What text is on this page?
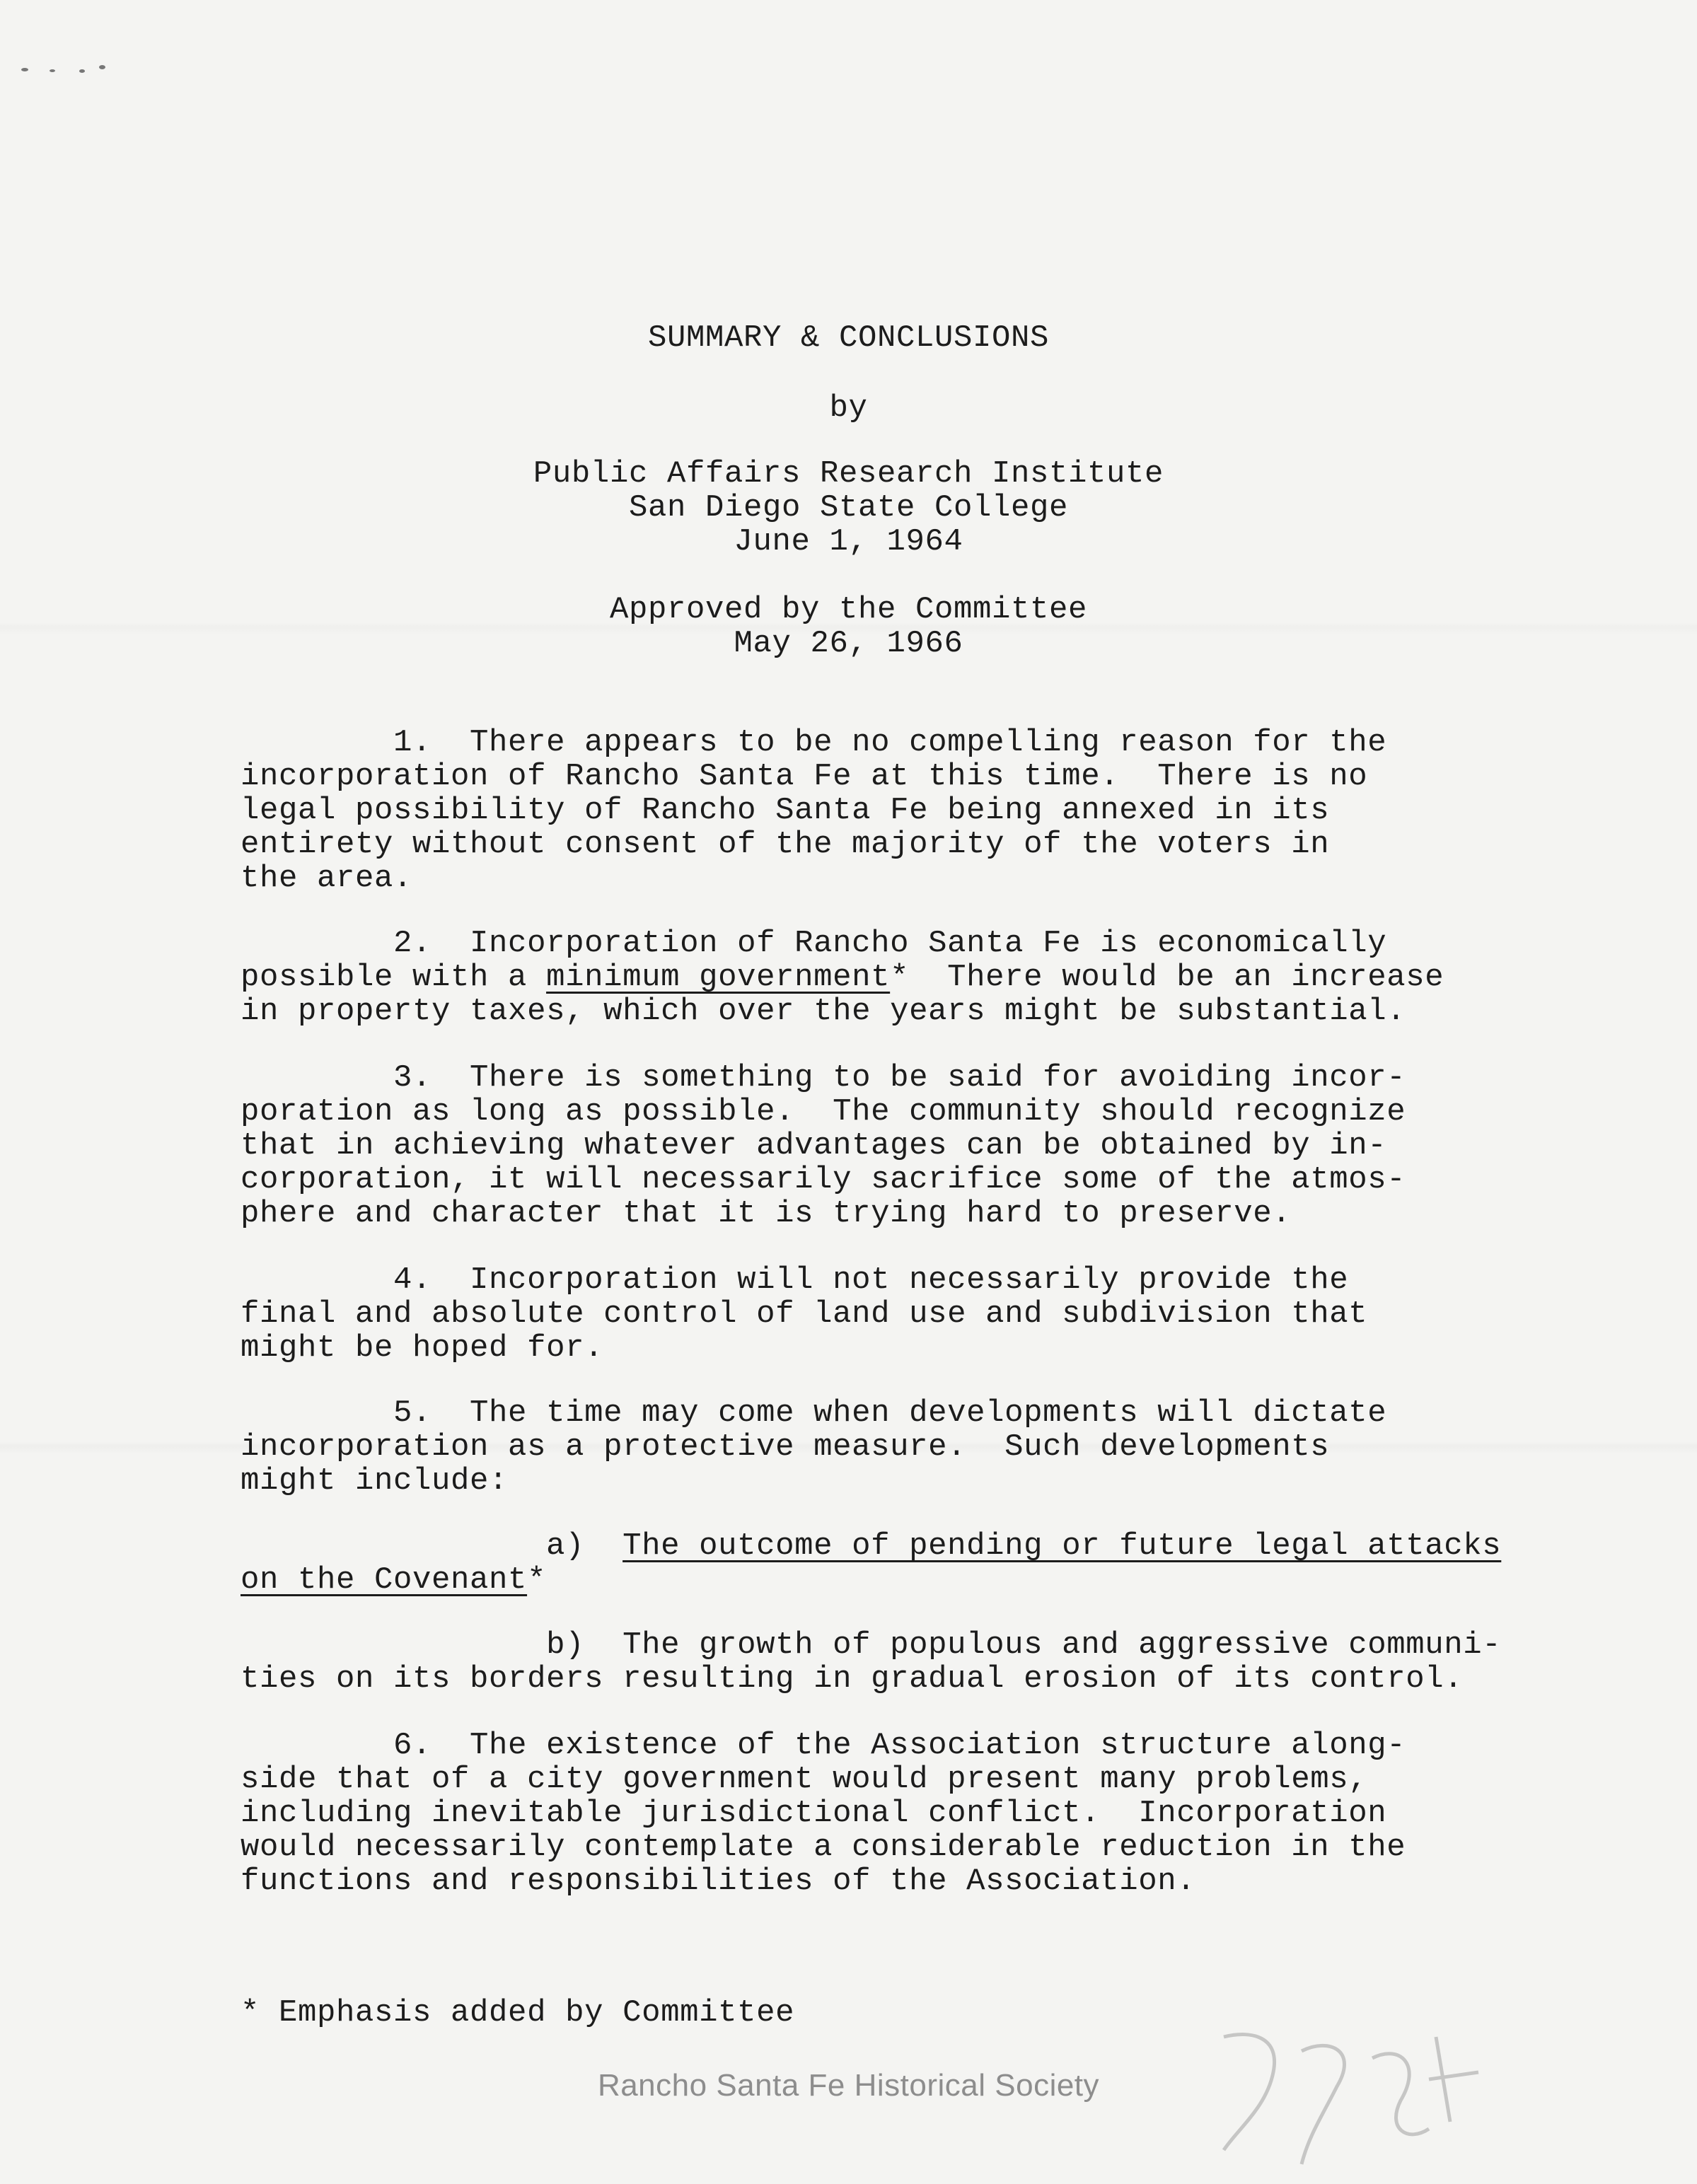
SUMMARY & CONCLUSIONS
by
Public Affairs Research Institute
San Diego State College
June 1, 1964
Approved by the Committee
May 26, 1966
1.  There appears to be no compelling reason for the
incorporation of Rancho Santa Fe at this time.  There is no
legal possibility of Rancho Santa Fe being annexed in its
entirety without consent of the majority of the voters in
the area.
2.  Incorporation of Rancho Santa Fe is economically
possible with a minimum government*  There would be an increase
in property taxes, which over the years might be substantial.
3.  There is something to be said for avoiding incor-
poration as long as possible.  The community should recognize
that in achieving whatever advantages can be obtained by in-
corporation, it will necessarily sacrifice some of the atmos-
phere and character that it is trying hard to preserve.
4.  Incorporation will not necessarily provide the
final and absolute control of land use and subdivision that
might be hoped for.
5.  The time may come when developments will dictate
incorporation as a protective measure.  Such developments
might include:
a)  The outcome of pending or future legal attacks
on the Covenant*
b)  The growth of populous and aggressive communi-
ties on its borders resulting in gradual erosion of its control.
6.  The existence of the Association structure along-
side that of a city government would present many problems,
including inevitable jurisdictional conflict.  Incorporation
would necessarily contemplate a considerable reduction in the
functions and responsibilities of the Association.
* Emphasis added by Committee
Rancho Santa Fe Historical Society
